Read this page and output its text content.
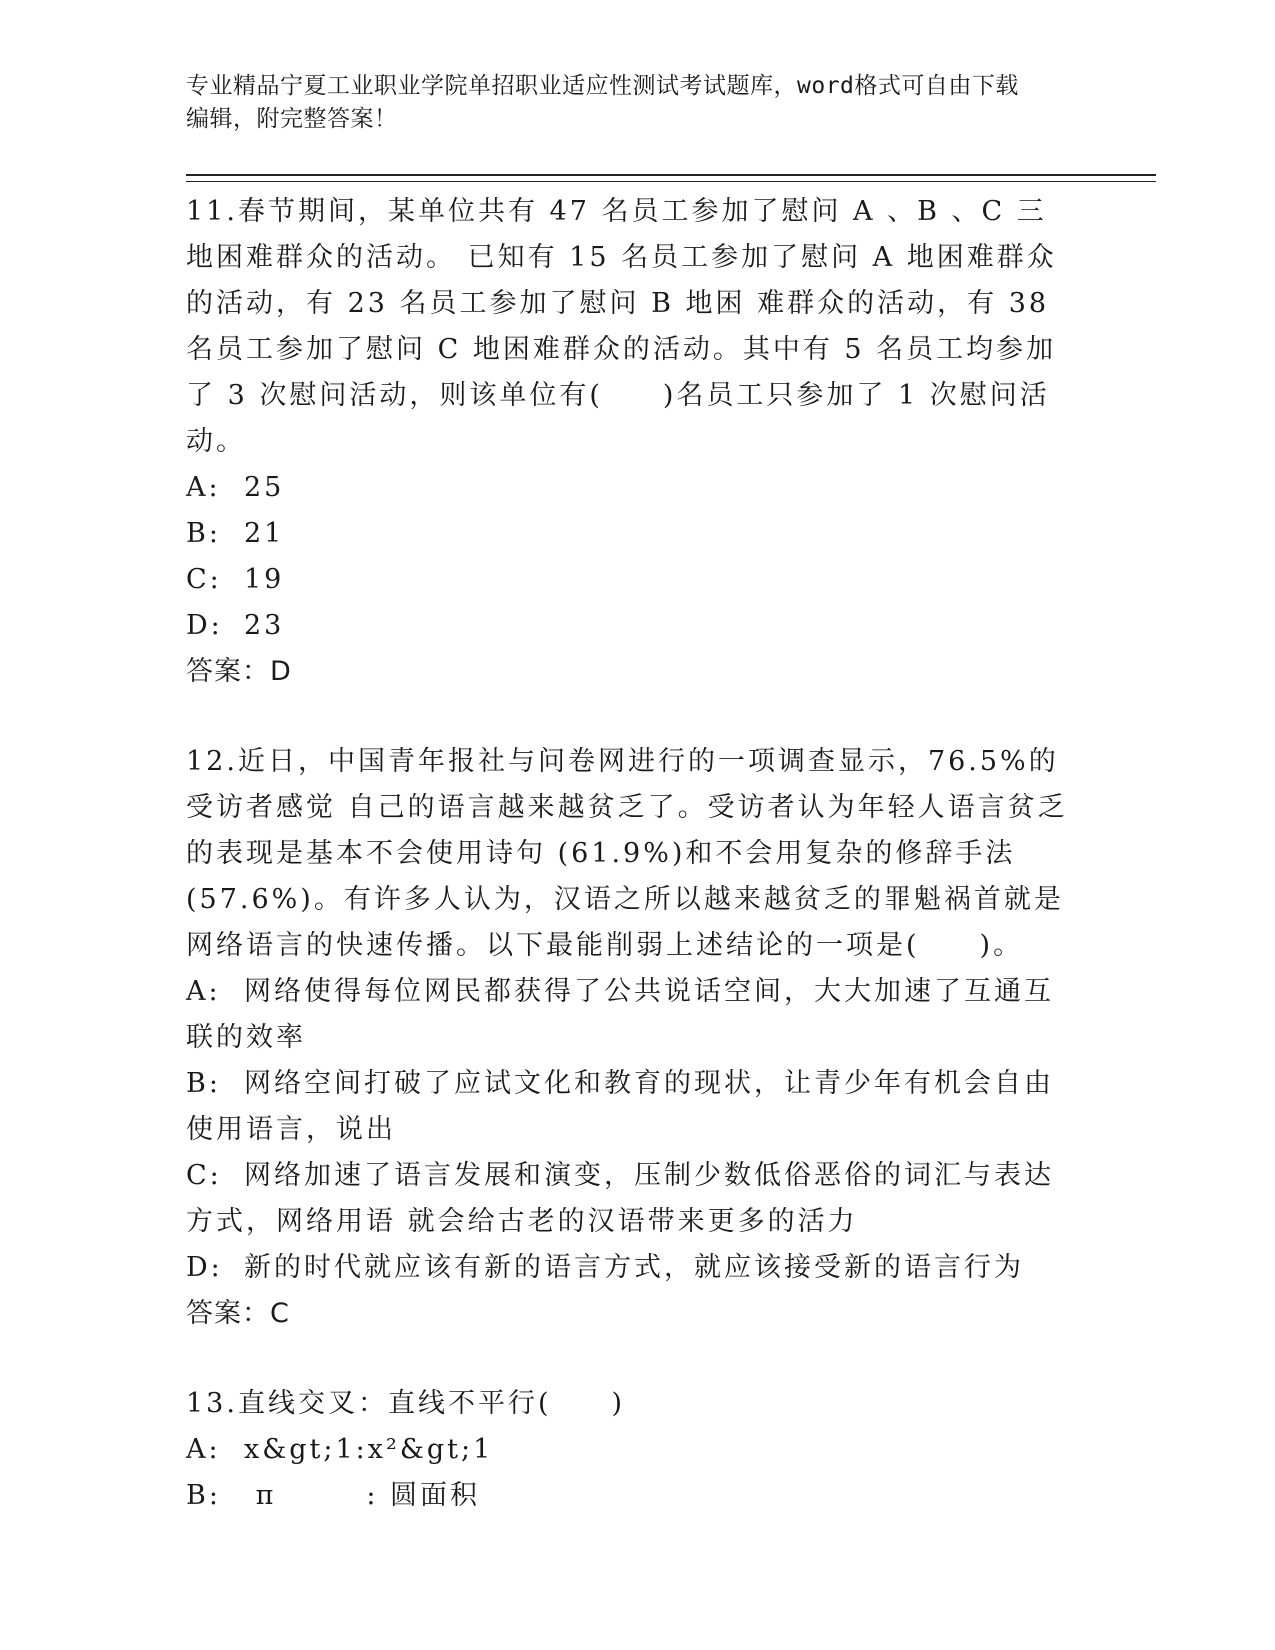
专业精品宁夏工业职业学院单招职业适应性测试考试题库，word格式可自由下载
编辑，附完整答案！

11.春节期间，某单位共有 47 名员工参加了慰问 A 、B 、C 三地困难群众的活动。 已知有 15 名员工参加了慰问 A 地困难群众的活动，有 23 名员工参加了慰问 B 地困 难群众的活动，有 38 名员工参加了慰问 C 地困难群众的活动。其中有 5 名员工均参加了 3 次慰问活动，则该单位有(　　)名员工只参加了 1 次慰问活动。

A: 25

B: 21

C: 19

D: 23

答案：D

12.近日，中国青年报社与问卷网进行的一项调查显示，76.5%的受访者感觉 自己的语言越来越贫乏了。受访者认为年轻人语言贫乏的表现是基本不会使用诗句 (61.9%)和不会用复杂的修辞手法(57.6%)。有许多人认为，汉语之所以越来越贫乏的罪魁祸首就是网络语言的快速传播。以下最能削弱上述结论的一项是(　　)。

A: 网络使得每位网民都获得了公共说话空间，大大加速了互通互联的效率

B: 网络空间打破了应试文化和教育的现状，让青少年有机会自由使用语言，说出

C: 网络加速了语言发展和演变，压制少数低俗恶俗的词汇与表达方式，网络用语 就会给古老的汉语带来更多的活力

D: 新的时代就应该有新的语言方式，就应该接受新的语言行为

答案：C

13.直线交叉：直线不平行(　　)

A: x&gt;1:x²&gt;1

B: π　　　: 圆面积
